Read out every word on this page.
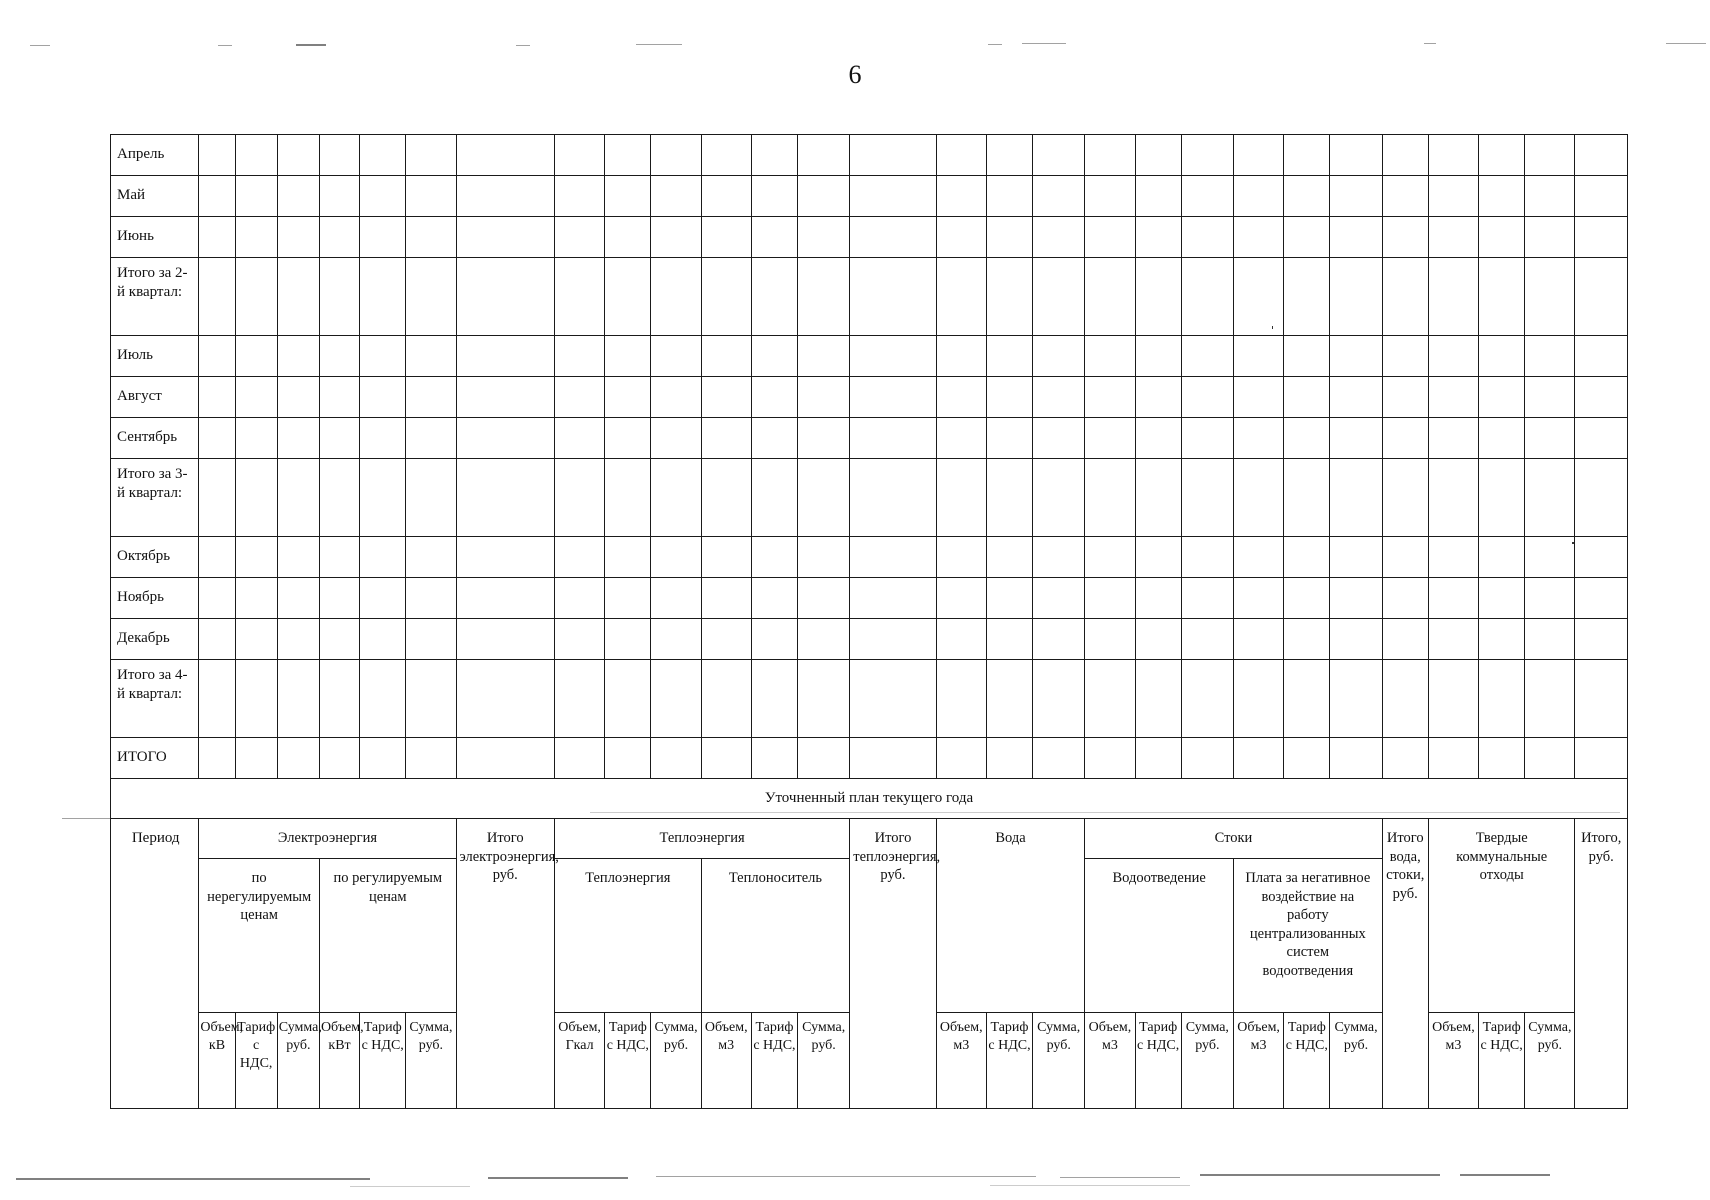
6
Апрель																												
Май																												
Июнь																												
Итого за 2-й квартал:																												
Июль																												
Август																												
Сентябрь																												
Итого за 3-й квартал:																												
Октябрь																												
Ноябрь																												
Декабрь																												
Итого за 4-й квартал:																												
ИТОГО																												
Уточненный план текущего года																												
Период	Электроэнергия						Итого электроэнергия, руб.	Теплоэнергия						Итого теплоэнергия, руб.	Вода			Стоки						Итого вода, стоки, руб.	Твердые коммунальные отходы			Итого, руб.
	по нерегулируемым ценам			по регулируемым ценам				Теплоэнергия			Теплоноситель							Водоотведение			Плата за негативное воздействие на работу централизованных систем водоотведения							
	Объем, кВ	Тариф с НДС,	Сумма, руб.	Объем, кВт	Тариф с НДС,	Сумма, руб.		Объем, Гкал	Тариф с НДС,	Сумма, руб.	Объем, м3	Тариф с НДС,	Сумма, руб.		Объем, м3	Тариф с НДС,	Сумма, руб.	Объем, м3	Тариф с НДС,	Сумма, руб.	Объем, м3	Тариф с НДС,	Сумма, руб.		Объем, м3	Тариф с НДС,	Сумма, руб.	
